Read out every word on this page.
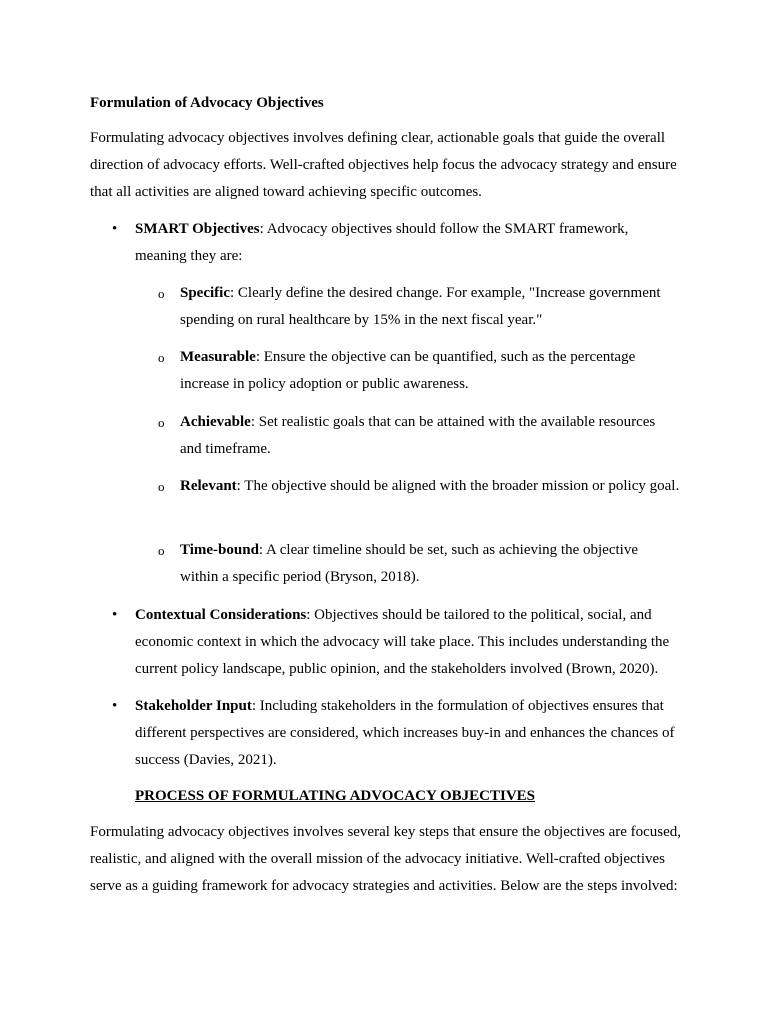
Formulation of Advocacy Objectives
Formulating advocacy objectives involves defining clear, actionable goals that guide the overall direction of advocacy efforts. Well-crafted objectives help focus the advocacy strategy and ensure that all activities are aligned toward achieving specific outcomes.
•	SMART Objectives: Advocacy objectives should follow the SMART framework, meaning they are:
o Specific: Clearly define the desired change. For example, "Increase government spending on rural healthcare by 15% in the next fiscal year."
o Measurable: Ensure the objective can be quantified, such as the percentage increase in policy adoption or public awareness.
o Achievable: Set realistic goals that can be attained with the available resources and timeframe.
o Relevant: The objective should be aligned with the broader mission or policy goal.
o Time-bound: A clear timeline should be set, such as achieving the objective within a specific period (Bryson, 2018).
•	Contextual Considerations: Objectives should be tailored to the political, social, and economic context in which the advocacy will take place. This includes understanding the current policy landscape, public opinion, and the stakeholders involved (Brown, 2020).
•	Stakeholder Input: Including stakeholders in the formulation of objectives ensures that different perspectives are considered, which increases buy-in and enhances the chances of success (Davies, 2021).
PROCESS OF FORMULATING ADVOCACY OBJECTIVES
Formulating advocacy objectives involves several key steps that ensure the objectives are focused, realistic, and aligned with the overall mission of the advocacy initiative. Well-crafted objectives serve as a guiding framework for advocacy strategies and activities. Below are the steps involved:
